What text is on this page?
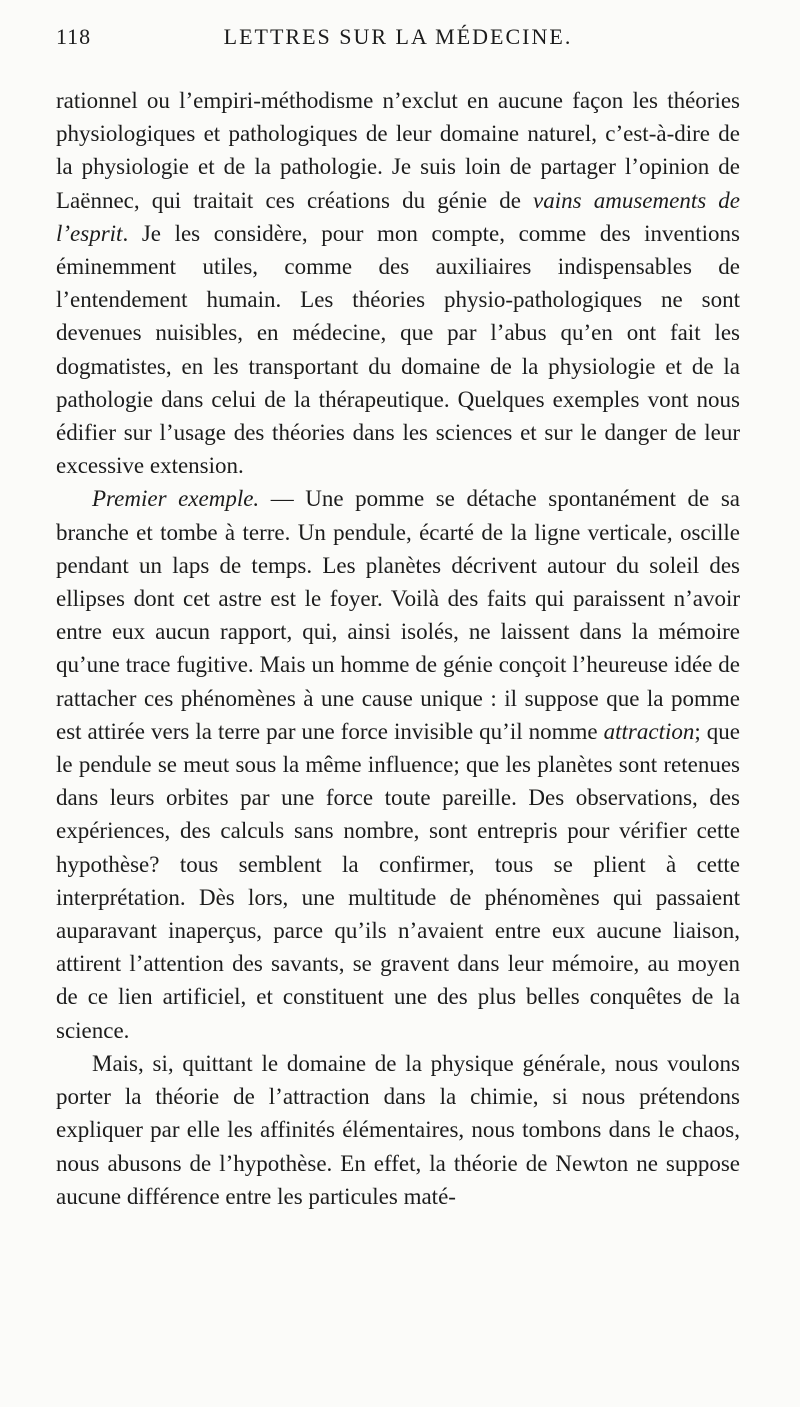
118	LETTRES SUR LA MÉDECINE.

rationnel ou l’empiri-méthodisme n’exclut en aucune façon les théories physiologiques et pathologiques de leur domaine naturel, c’est-à-dire de la physiologie et de la pathologie. Je suis loin de partager l’opinion de Laënnec, qui traitait ces créations du génie de vains amusements de l’esprit. Je les considère, pour mon compte, comme des inventions éminemment utiles, comme des auxiliaires indispensables de l’entendement humain. Les théories physio-pathologiques ne sont devenues nuisibles, en médecine, que par l’abus qu’en ont fait les dogmatistes, en les transportant du domaine de la physiologie et de la pathologie dans celui de la thérapeutique. Quelques exemples vont nous édifier sur l’usage des théories dans les sciences et sur le danger de leur excessive extension.

Premier exemple. — Une pomme se détache spontanément de sa branche et tombe à terre. Un pendule, écarté de la ligne verticale, oscille pendant un laps de temps. Les planètes décrivent autour du soleil des ellipses dont cet astre est le foyer. Voilà des faits qui paraissent n’avoir entre eux aucun rapport, qui, ainsi isolés, ne laissent dans la mémoire qu’une trace fugitive. Mais un homme de génie conçoit l’heureuse idée de rattacher ces phénomènes à une cause unique : il suppose que la pomme est attirée vers la terre par une force invisible qu’il nomme attraction; que le pendule se meut sous la même influence; que les planètes sont retenues dans leurs orbites par une force toute pareille. Des observations, des expériences, des calculs sans nombre, sont entrepris pour vérifier cette hypothèse? tous semblent la confirmer, tous se plient à cette interprétation. Dès lors, une multitude de phénomènes qui passaient auparavant inaperçus, parce qu’ils n’avaient entre eux aucune liaison, attirent l’attention des savants, se gravent dans leur mémoire, au moyen de ce lien artificiel, et constituent une des plus belles conquêtes de la science.

Mais, si, quittant le domaine de la physique générale, nous voulons porter la théorie de l’attraction dans la chimie, si nous prétendons expliquer par elle les affinités élémentaires, nous tombons dans le chaos, nous abusons de l’hypothèse. En effet, la théorie de Newton ne suppose aucune différence entre les particules maté-
